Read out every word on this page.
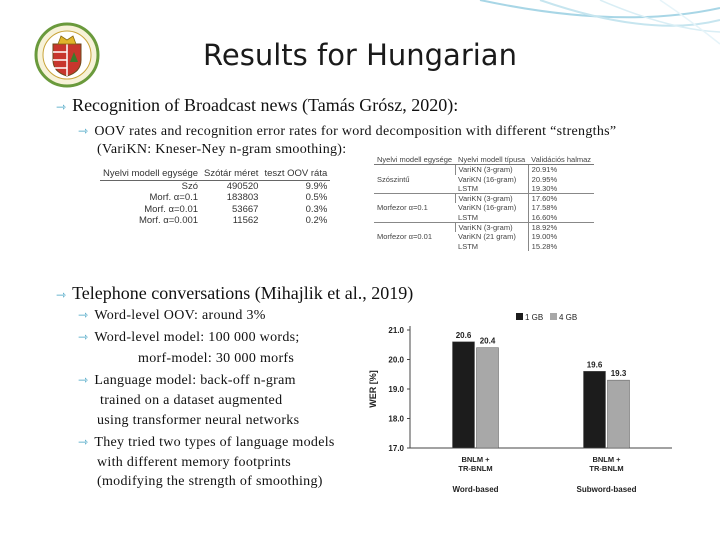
Results for Hungarian
⇾ Recognition of Broadcast news (Tamás Grósz, 2020):
⇾ OOV rates and recognition error rates for word decomposition with different “strengths”
(VariKN: Kneser-Ney n-gram smoothing):
Nyelvi modell egysége	Szótár méret	teszt OOV ráta
Szó	490520	9.9%
Morf. α=0.1	183803	0.5%
Morf. α=0.01	53667	0.3%
Morf. α=0.001	11562	0.2%
Nyelvi modell egysége	Nyelvi modell típusa	Validációs halmaz
Szószintű	VariKN (3-gram)	20.91%
	VariKN (16-gram)	20.95%
	LSTM	19.30%
Morfezor α=0.1	VariKN (3-gram)	17.60%
	VariKN (16-gram)	17.58%
	LSTM	16.60%
Morfezor α=0.01	VariKN (3-gram)	18.92%
	VariKN (21 gram)	19.00%
	LSTM	15.28%
⇾ Telephone conversations (Mihajlik et al., 2019)
⇾ Word-level OOV: around 3%
⇾ Word-level model: 100 000 words;
morf-model: 30 000 morfs
⇾ Language model: back-off n-gram
trained on a dataset augmented
using transformer neural networks
⇾ They tried two types of language models
with different memory footprints
(modifying the strength of smoothing)
17.0
18.0
19.0
20.0
21.0
WER [%]
1 GB 4 GB
20.6
20.4
BNLM +
TR-BNLM
Word-based
19.6
19.3
BNLM +
TR-BNLM
Subword-based
